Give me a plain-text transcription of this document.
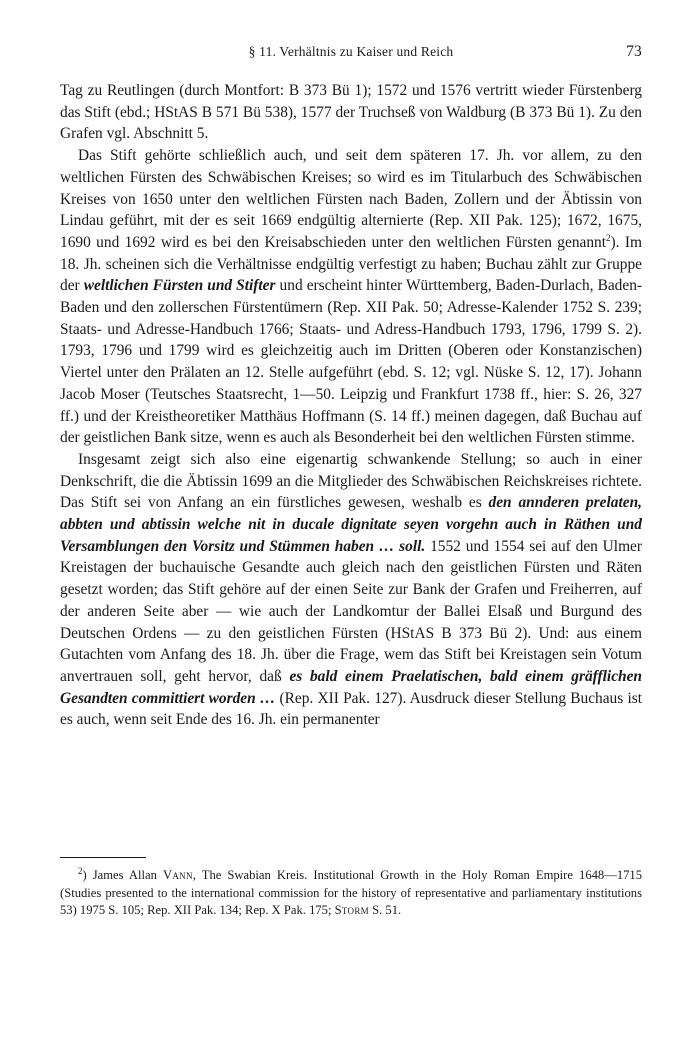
§ 11. Verhältnis zu Kaiser und Reich	73

Tag zu Reutlingen (durch Montfort: B 373 Bü 1); 1572 und 1576 vertritt wieder Fürstenberg das Stift (ebd.; HStAS B 571 Bü 538), 1577 der Truchseß von Waldburg (B 373 Bü 1). Zu den Grafen vgl. Abschnitt 5.

Das Stift gehörte schließlich auch, und seit dem späteren 17. Jh. vor allem, zu den weltlichen Fürsten des Schwäbischen Kreises; so wird es im Titularbuch des Schwäbischen Kreises von 1650 unter den weltlichen Fürsten nach Baden, Zollern und der Äbtissin von Lindau geführt, mit der es seit 1669 endgültig alternierte (Rep. XII Pak. 125); 1672, 1675, 1690 und 1692 wird es bei den Kreisabschieden unter den weltlichen Fürsten genannt$^2$). Im 18. Jh. scheinen sich die Verhältnisse endgültig verfestigt zu haben; Buchau zählt zur Gruppe der weltlichen Fürsten und Stifter und erscheint hinter Württemberg, Baden-Durlach, Baden-Baden und den zollerschen Fürstentümern (Rep. XII Pak. 50; Adresse-Kalender 1752 S. 239; Staats- und Adresse-Handbuch 1766; Staats- und Adress-Handbuch 1793, 1796, 1799 S. 2). 1793, 1796 und 1799 wird es gleichzeitig auch im Dritten (Oberen oder Konstanzischen) Viertel unter den Prälaten an 12. Stelle aufgeführt (ebd. S. 12; vgl. Nüske S. 12, 17). Johann Jacob Moser (Teutsches Staatsrecht, 1—50. Leipzig und Frankfurt 1738 ff., hier: S. 26, 327 ff.) und der Kreistheoretiker Matthäus Hoffmann (S. 14 ff.) meinen dagegen, daß Buchau auf der geistlichen Bank sitze, wenn es auch als Besonderheit bei den weltlichen Fürsten stimme.

Insgesamt zeigt sich also eine eigenartig schwankende Stellung; so auch in einer Denkschrift, die die Äbtissin 1699 an die Mitglieder des Schwäbischen Reichskreises richtete. Das Stift sei von Anfang an ein fürstliches gewesen, weshalb es den annderen prelaten, abbten und abtissin welche nit in ducale dignitate seyen vorgehn auch in Räthen und Versamblungen den Vorsitz und Stümmen haben … soll. 1552 und 1554 sei auf den Ulmer Kreistagen der buchauische Gesandte auch gleich nach den geistlichen Fürsten und Räten gesetzt worden; das Stift gehöre auf der einen Seite zur Bank der Grafen und Freiherren, auf der anderen Seite aber — wie auch der Landkomtur der Ballei Elsaß und Burgund des Deutschen Ordens — zu den geistlichen Fürsten (HStAS B 373 Bü 2). Und: aus einem Gutachten vom Anfang des 18. Jh. über die Frage, wem das Stift bei Kreistagen sein Votum anvertrauen soll, geht hervor, daß es bald einem Praelatischen, bald einem gräfflichen Gesandten committiert worden … (Rep. XII Pak. 127). Ausdruck dieser Stellung Buchaus ist es auch, wenn seit Ende des 16. Jh. ein permanenter

$^2$) James Allan Vann, The Swabian Kreis. Institutional Growth in the Holy Roman Empire 1648—1715 (Studies presented to the international commission for the history of representative and parliamentary institutions 53) 1975 S. 105; Rep. XII Pak. 134; Rep. X Pak. 175; Storm S. 51.
